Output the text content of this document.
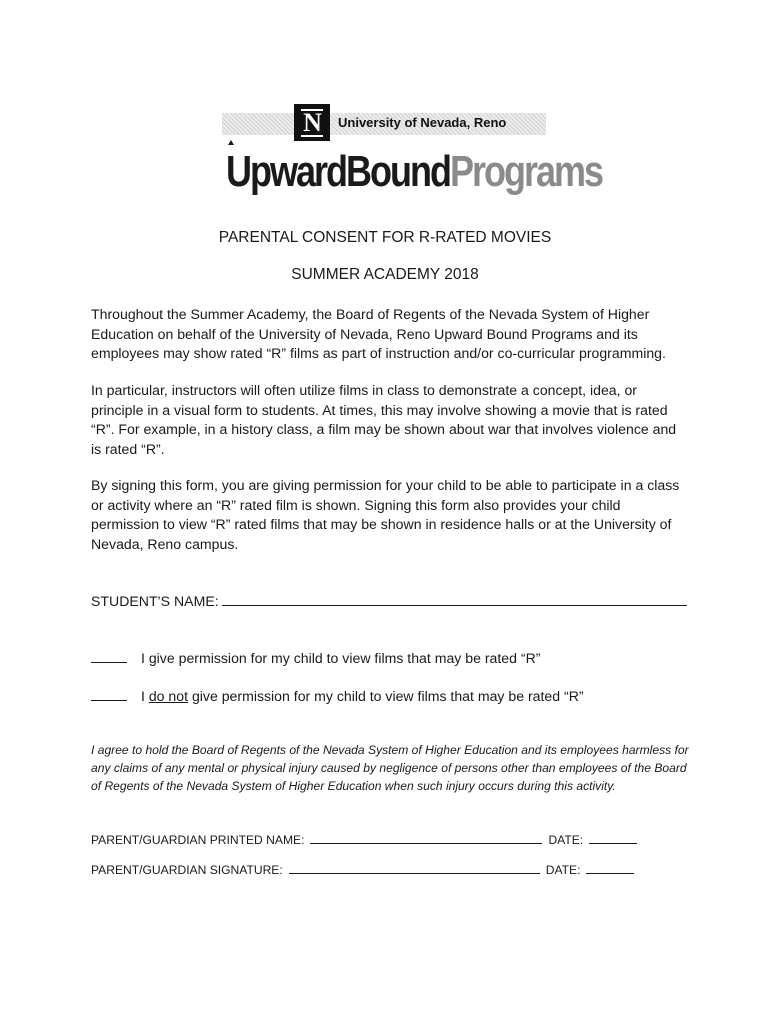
N	University of Nevada, Reno
UpwardBoundPrograms
PARENTAL CONSENT FOR R-RATED MOVIES
SUMMER ACADEMY 2018
Throughout the Summer Academy, the Board of Regents of the Nevada System of Higher Education on behalf of the University of Nevada, Reno Upward Bound Programs and its employees may show rated “R” films as part of instruction and/or co-curricular programming.
In particular, instructors will often utilize films in class to demonstrate a concept, idea, or principle in a visual form to students. At times, this may involve showing a movie that is rated “R”. For example, in a history class, a film may be shown about war that involves violence and is rated “R”.
By signing this form, you are giving permission for your child to be able to participate in a class or activity where an “R” rated film is shown. Signing this form also provides your child permission to view “R” rated films that may be shown in residence halls or at the University of Nevada, Reno campus.
STUDENT’S NAME:
I give permission for my child to view films that may be rated “R”
I do not give permission for my child to view films that may be rated “R”
I agree to hold the Board of Regents of the Nevada System of Higher Education and its employees harmless for any claims of any mental or physical injury caused by negligence of persons other than employees of the Board of Regents of the Nevada System of Higher Education when such injury occurs during this activity.
PARENT/GUARDIAN PRINTED NAME:	DATE:
PARENT/GUARDIAN SIGNATURE:	DATE:
